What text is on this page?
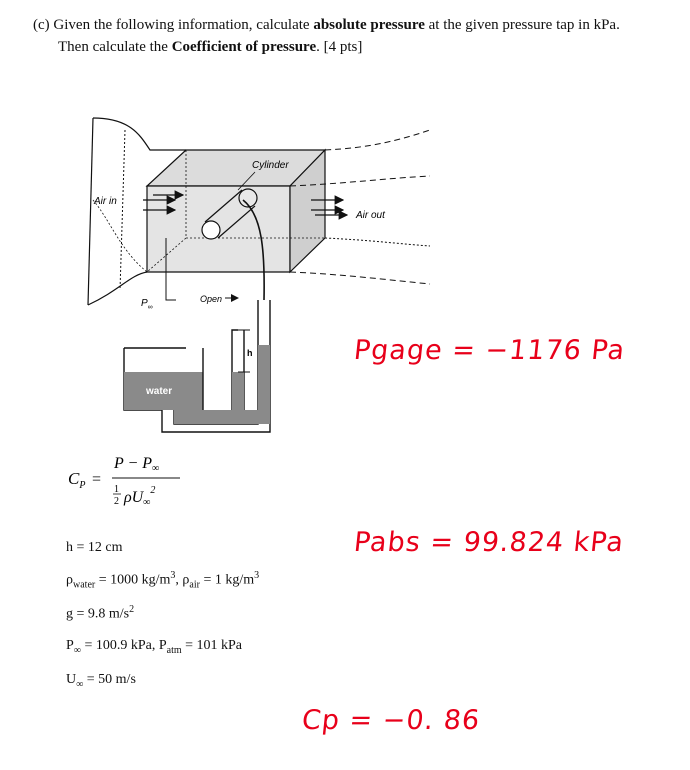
(c) Given the following information, calculate absolute pressure at the given pressure tap in kPa.
Then calculate the Coefficient of pressure. [4 pts]
Cylinder
Air in
Air out
$P_\infty$
Open
water
h
$C_P$ =
P − P∞
1
2 ρU∞$^2$
h = 12 cm
$\rho_{water} = 1000$ $kg/m^3$, $\rho_{air} = 1$ $kg/m^3$
g = 9.8 $m/s^2$
$P_\infty = 100.9$ kPa, $P_{atm} = 101$ kPa
$U_\infty = 50$ m/s
Pgage = −1176 Pa
Pabs = 99.824 kPa
Cp = −0. 86
